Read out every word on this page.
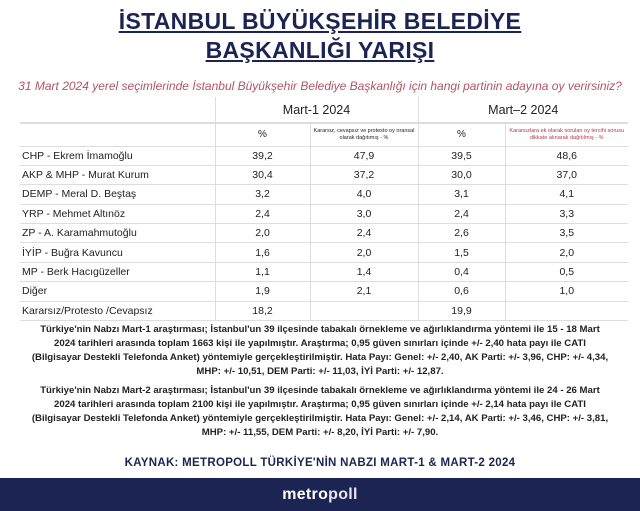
İSTANBUL BÜYÜKŞEHİR BELEDİYE
BAŞKANLIĞI YARIŞI
31 Mart 2024 yerel seçimlerinde İstanbul Büyükşehir Belediye Başkanlığı için hangi partinin adayına oy verirsiniz?
	Mart-1 2024		Mart–2 2024	
	%	Kararsız, cevapsız ve protesto oy oransal olarak dağıtımış - %	%	Kararsızlara ek olarak sorulan oy tercihi sorusu dikkate alınarak dağıtılmış - %

CHP - Ekrem İmamoğlu	39,2	47,9	39,5	48,6
AKP & MHP - Murat Kurum	30,4	37,2	30,0	37,0
DEMP - Meral D. Beştaş	3,2	4,0	3,1	4,1
YRP - Mehmet Altınöz	2,4	3,0	2,4	3,3
ZP - A. Karamahmutoğlu	2,0	2,4	2,6	3,5
İYİP - Buğra Kavuncu	1,6	2,0	1,5	2,0
MP - Berk Hacıgüzeller	1,1	1,4	0,4	0,5
Diğer	1,9	2,1	0,6	1,0
Kararsız/Protesto /Cevapsız	18,2		19,9	
Türkiye'nin Nabzı Mart-1 araştırması; İstanbul'un 39 ilçesinde tabakalı örnekleme ve ağırlıklandırma yöntemi ile 15 - 18 Mart 2024 tarihleri arasında toplam 1663 kişi ile yapılmıştır. Araştırma; 0,95 güven sınırları içinde +/- 2,40 hata payı ile CATI (Bilgisayar Destekli Telefonda Anket) yöntemiyle gerçekleştirilmiştir. Hata Payı: Genel: +/- 2,40, AK Parti: +/- 3,96, CHP: +/- 4,34, MHP: +/- 10,51, DEM Parti: +/- 11,03, İYİ Parti: +/- 12,87.
Türkiye'nin Nabzı Mart-2 araştırması; İstanbul'un 39 ilçesinde tabakalı örnekleme ve ağırlıklandırma yöntemi ile 24 - 26 Mart 2024 tarihleri arasında toplam 2100 kişi ile yapılmıştır. Araştırma; 0,95 güven sınırları içinde +/- 2,14 hata payı ile CATI (Bilgisayar Destekli Telefonda Anket) yöntemiyle gerçekleştirilmiştir. Hata Payı: Genel: +/- 2,14, AK Parti: +/- 3,46, CHP: +/- 3,81, MHP: +/- 11,55, DEM Parti: +/- 8,20, İYİ Parti: +/- 7,90.
KAYNAK: METROPOLL TÜRKİYE'NİN NABZI MART-1 & MART-2 2024
metropoll
